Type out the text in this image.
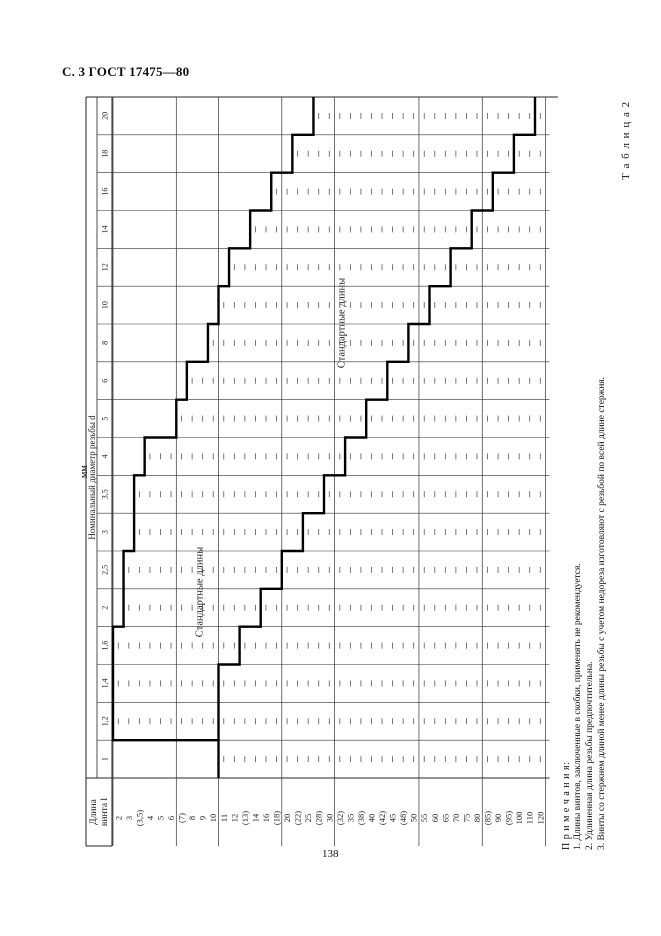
С. 3 ГОСТ 17475—80
Номинальный диаметр резьбы d
Длина винта l
1
1,2
1,4
1,6
2
2,5
3
3,5
4
5
6
8
10
12
14
16
18
20
2 3 (3,5) 4 5 6 (7) 8 9 10 11 12 (13) 14 16 (18) 20 (22) 25 (28) 30 (32) 35 (38) 40 (42) 45 (48) 50 55 60 65 70 75 80 (85) 90 (95) 100 110 120
Стандартные длины
Стандартные длины
Т а б л и ц а 2
мм
П р и м е ч а н и я: 1. Длины винтов, заключенные в скобки, применять не рекомендуется. 2. Удлиненная длина резьбы предпочтительна. 3. Винты со стержнем длиной менее длины резьбы с учетом недореза изготовляют с резьбой по всей длине стержня.
138
